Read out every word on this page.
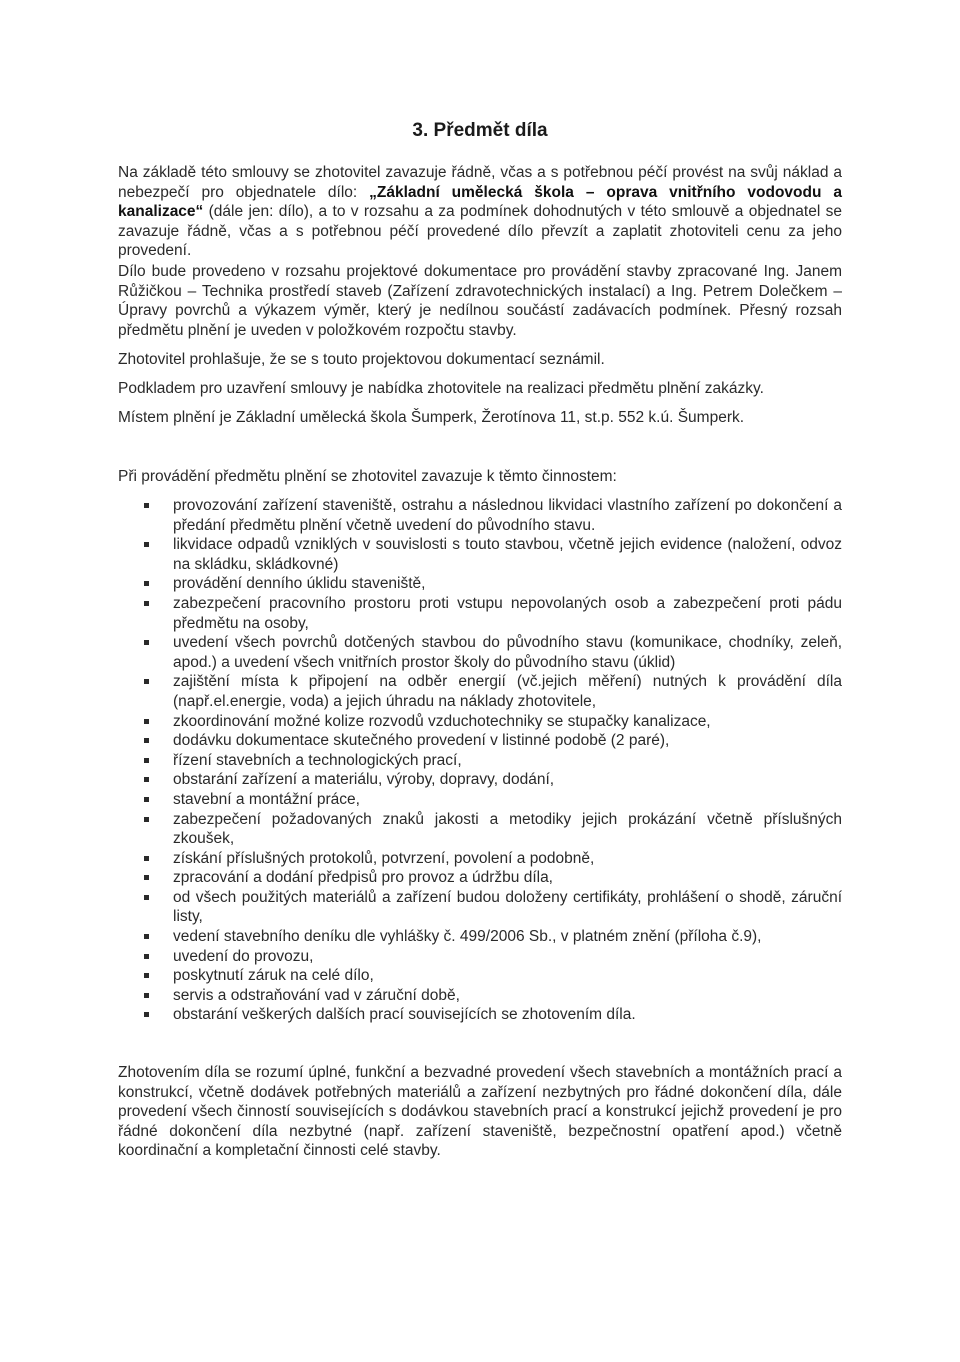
3. Předmět díla

Na základě této smlouvy se zhotovitel zavazuje řádně, včas a s potřebnou péčí provést na svůj náklad a nebezpečí pro objednatele dílo: „Základní umělecká škola – oprava vnitřního vodovodu a kanalizace“ (dále jen: dílo), a to v rozsahu a za podmínek dohodnutých v této smlouvě a objednatel se zavazuje řádně, včas a s potřebnou péčí provedené dílo převzít a zaplatit zhotoviteli cenu za jeho provedení.

Dílo bude provedeno v rozsahu projektové dokumentace pro provádění stavby zpracované Ing. Janem Růžičkou – Technika prostředí staveb (Zařízení zdravotechnických instalací) a Ing. Petrem Dolečkem – Úpravy povrchů a výkazem výměr, který je nedílnou součástí zadávacích podmínek. Přesný rozsah předmětu plnění je uveden v položkovém rozpočtu stavby.

Zhotovitel prohlašuje, že se s touto projektovou dokumentací seznámil.

Podkladem pro uzavření smlouvy je nabídka zhotovitele na realizaci předmětu plnění zakázky.

Místem plnění je Základní umělecká škola Šumperk, Žerotínova 11, st.p. 552 k.ú. Šumperk.

Při provádění předmětu plnění se zhotovitel zavazuje k těmto činnostem:

provozování zařízení staveniště, ostrahu a následnou likvidaci vlastního zařízení po dokončení a předání předmětu plnění včetně uvedení do původního stavu.
likvidace odpadů vzniklých v souvislosti s touto stavbou, včetně jejich evidence (naložení, odvoz na skládku, skládkovné)
provádění denního úklidu staveniště,
zabezpečení pracovního prostoru proti vstupu nepovolaných osob a zabezpečení proti pádu předmětu na osoby,
uvedení všech povrchů dotčených stavbou do původního stavu (komunikace, chodníky, zeleň, apod.) a uvedení všech vnitřních prostor školy do původního stavu (úklid)
zajištění místa k připojení na odběr energií (vč.jejich měření) nutných k provádění díla (např.el.energie, voda) a jejich úhradu na náklady zhotovitele,
zkoordinování možné kolize rozvodů vzduchotechniky se stupačky kanalizace,
dodávku dokumentace skutečného provedení v listinné podobě (2 paré),
řízení stavebních a technologických prací,
obstarání zařízení a materiálu, výroby, dopravy, dodání,
stavební a montážní práce,
zabezpečení požadovaných znaků jakosti a metodiky jejich prokázání včetně příslušných zkoušek,
získání příslušných protokolů, potvrzení, povolení a podobně,
zpracování a dodání předpisů pro provoz a údržbu díla,
od všech použitých materiálů a zařízení budou doloženy certifikáty, prohlášení o shodě, záruční listy,
vedení stavebního deníku dle vyhlášky č. 499/2006 Sb., v platném znění (příloha č.9),
uvedení do provozu,
poskytnutí záruk na celé dílo,
servis a odstraňování vad v záruční době,
obstarání veškerých dalších prací souvisejících se zhotovením díla.

Zhotovením díla se rozumí úplné, funkční a bezvadné provedení všech stavebních a montážních prací a konstrukcí, včetně dodávek potřebných materiálů a zařízení nezbytných pro řádné dokončení díla, dále provedení všech činností souvisejících s dodávkou stavebních prací a konstrukcí jejichž provedení je pro řádné dokončení díla nezbytné (např. zařízení staveniště, bezpečnostní opatření apod.) včetně koordinační a kompletační činnosti celé stavby.
